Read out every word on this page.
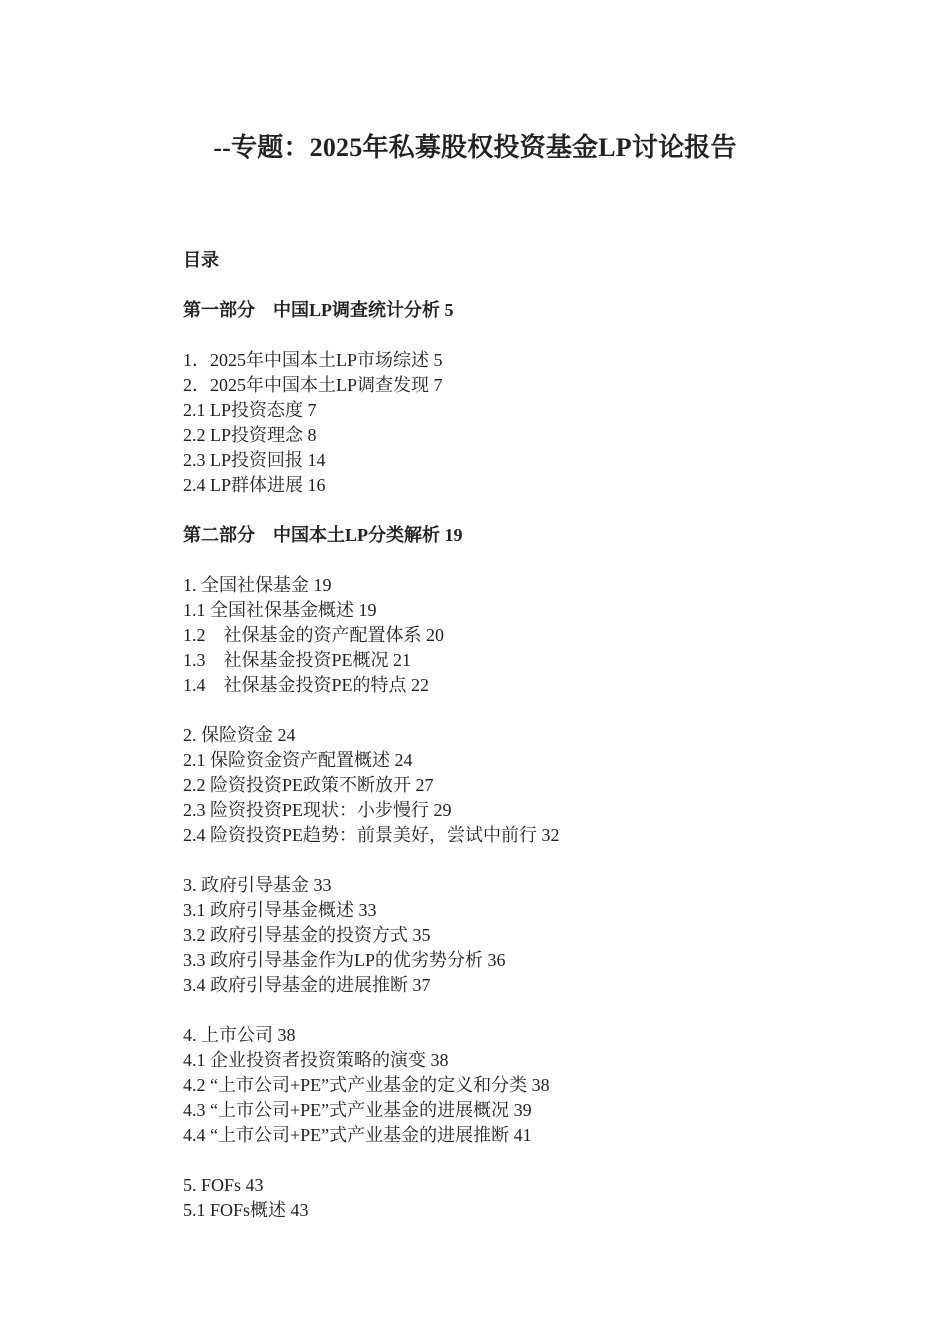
--专题：2025年私募股权投资基金LP讨论报告
目录
第一部分    中国LP调查统计分析 5
1．2025年中国本土LP市场综述 5
2．2025年中国本土LP调查发现 7
2.1 LP投资态度 7
2.2 LP投资理念 8
2.3 LP投资回报 14
2.4 LP群体进展 16
第二部分    中国本土LP分类解析 19
1. 全国社保基金 19
1.1 全国社保基金概述 19
1.2    社保基金的资产配置体系 20
1.3    社保基金投资PE概况 21
1.4    社保基金投资PE的特点 22
2. 保险资金 24
2.1 保险资金资产配置概述 24
2.2 险资投资PE政策不断放开 27
2.3 险资投资PE现状：小步慢行 29
2.4 险资投资PE趋势：前景美好，尝试中前行 32
3. 政府引导基金 33
3.1 政府引导基金概述 33
3.2 政府引导基金的投资方式 35
3.3 政府引导基金作为LP的优劣势分析 36
3.4 政府引导基金的进展推断 37
4. 上市公司 38
4.1 企业投资者投资策略的演变 38
4.2 “上市公司+PE”式产业基金的定义和分类 38
4.3 “上市公司+PE”式产业基金的进展概况 39
4.4 “上市公司+PE”式产业基金的进展推断 41
5. FOFs 43
5.1 FOFs概述 43
